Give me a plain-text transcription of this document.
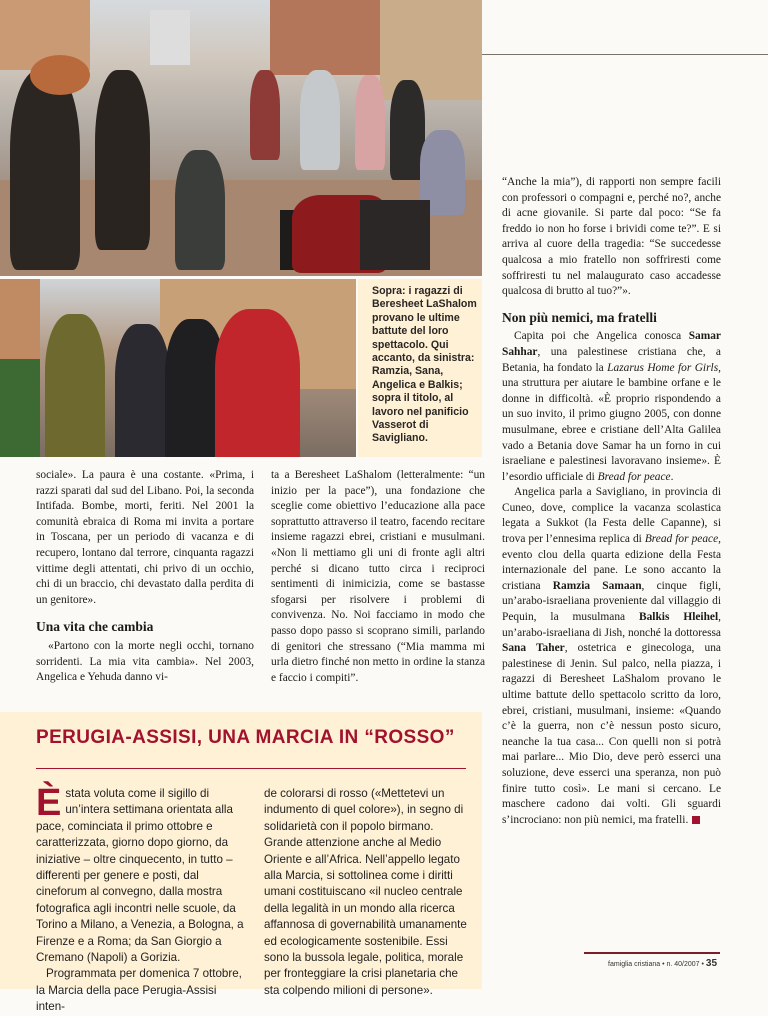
Sopra: i ragazzi di Beresheet LaShalom provano le ultime battute del loro spettacolo. Qui accanto, da sinistra: Ramzia, Sana, Angelica e Balkis; sopra il titolo, al lavoro nel panificio Vasserot di Savigliano.

sociale». La paura è una costante. «Prima, i razzi sparati dal sud del Libano. Poi, la seconda Intifada. Bombe, morti, feriti. Nel 2001 la comunità ebraica di Roma mi invita a portare in Toscana, per un periodo di vacanza e di recupero, lontano dal terrore, cinquanta ragazzi vittime degli attentati, chi privo di un occhio, chi di un braccio, chi devastato dalla perdita di un genitore».

Una vita che cambia

«Partono con la morte negli occhi, tornano sorridenti. La mia vita cambia». Nel 2003, Angelica e Yehuda danno vi-

ta a Beresheet LaShalom (letteralmente: “un inizio per la pace”), una fondazione che sceglie come obiettivo l’educazione alla pace soprattutto attraverso il teatro, facendo recitare insieme ragazzi ebrei, cristiani e musulmani. «Non li mettiamo gli uni di fronte agli altri perché si dicano tutto circa i reciproci sentimenti di inimicizia, come se bastasse sfogarsi per risolvere i problemi di convivenza. No. Noi facciamo in modo che passo dopo passo si scoprano simili, parlando di genitori che stressano (“Mia mamma mi urla dietro finché non metto in ordine la stanza e faccio i compiti”.

“Anche la mia”), di rapporti non sempre facili con professori o compagni e, perché no?, anche di acne giovanile. Si parte dal poco: “Se fa freddo io non ho forse i brividi come te?”. E si arriva al cuore della tragedia: “Se succedesse qualcosa a mio fratello non soffriresti come soffriresti tu nel malaugurato caso accadesse qualcosa di brutto al tuo?”».

Non più nemici, ma fratelli

Capita poi che Angelica conosca Samar Sahhar, una palestinese cristiana che, a Betania, ha fondato la Lazarus Home for Girls, una struttura per aiutare le bambine orfane e le donne in difficoltà. «È proprio rispondendo a un suo invito, il primo giugno 2005, con donne musulmane, ebree e cristiane dell’Alta Galilea vado a Betania dove Samar ha un forno in cui israeliane e palestinesi lavoravano insieme». È l’esordio ufficiale di Bread for peace.

Angelica parla a Savigliano, in provincia di Cuneo, dove, complice la vacanza scolastica legata a Sukkot (la Festa delle Capanne), si trova per l’ennesima replica di Bread for peace, evento clou della quarta edizione della Festa internazionale del pane. Le sono accanto la cristiana Ramzia Samaan, cinque figli, un’arabo-israeliana proveniente dal villaggio di Pequin, la musulmana Balkis Hleihel, un’arabo-israeliana di Jish, nonché la dottoressa Sana Taher, ostetrica e ginecologa, una palestinese di Jenin. Sul palco, nella piazza, i ragazzi di Beresheet LaShalom provano le ultime battute dello spettacolo scritto da loro, ebrei, cristiani, musulmani, insieme: «Quando c’è la guerra, non c’è nessun posto sicuro, neanche la tua casa... Con quelli non si potrà mai parlare... Mio Dio, deve però esserci una soluzione, deve esserci una speranza, non può finire tutto così». Le mani si cercano. Le maschere cadono dai volti. Gli sguardi s’incrociano: non più nemici, ma fratelli.

PERUGIA-ASSISI, UNA MARCIA IN “ROSSO”

Èstata voluta come il sigillo di un’intera settimana orientata alla pace, cominciata il primo ottobre e caratterizzata, giorno dopo giorno, da iniziative – oltre cinquecento, in tutto – differenti per genere e posti, dal cineforum al convegno, dalla mostra fotografica agli incontri nelle scuole, da Torino a Milano, a Venezia, a Bologna, a Firenze e a Roma; da San Giorgio a Cremano (Napoli) a Gorizia.

Programmata per domenica 7 ottobre, la Marcia della pace Perugia-Assisi inten-

de colorarsi di rosso («Mettetevi un indumento di quel colore»), in segno di solidarietà con il popolo birmano. Grande attenzione anche al Medio Oriente e all’Africa. Nell’appello legato alla Marcia, si sottolinea come i diritti umani costituiscano «il nucleo centrale della legalità in un mondo alla ricerca affannosa di governabilità umanamente ed ecologicamente sostenibile. Essi sono la bussola legale, politica, morale per fronteggiare la crisi planetaria che sta colpendo milioni di persone».

famiglia cristiana • n. 40/2007 • 35
